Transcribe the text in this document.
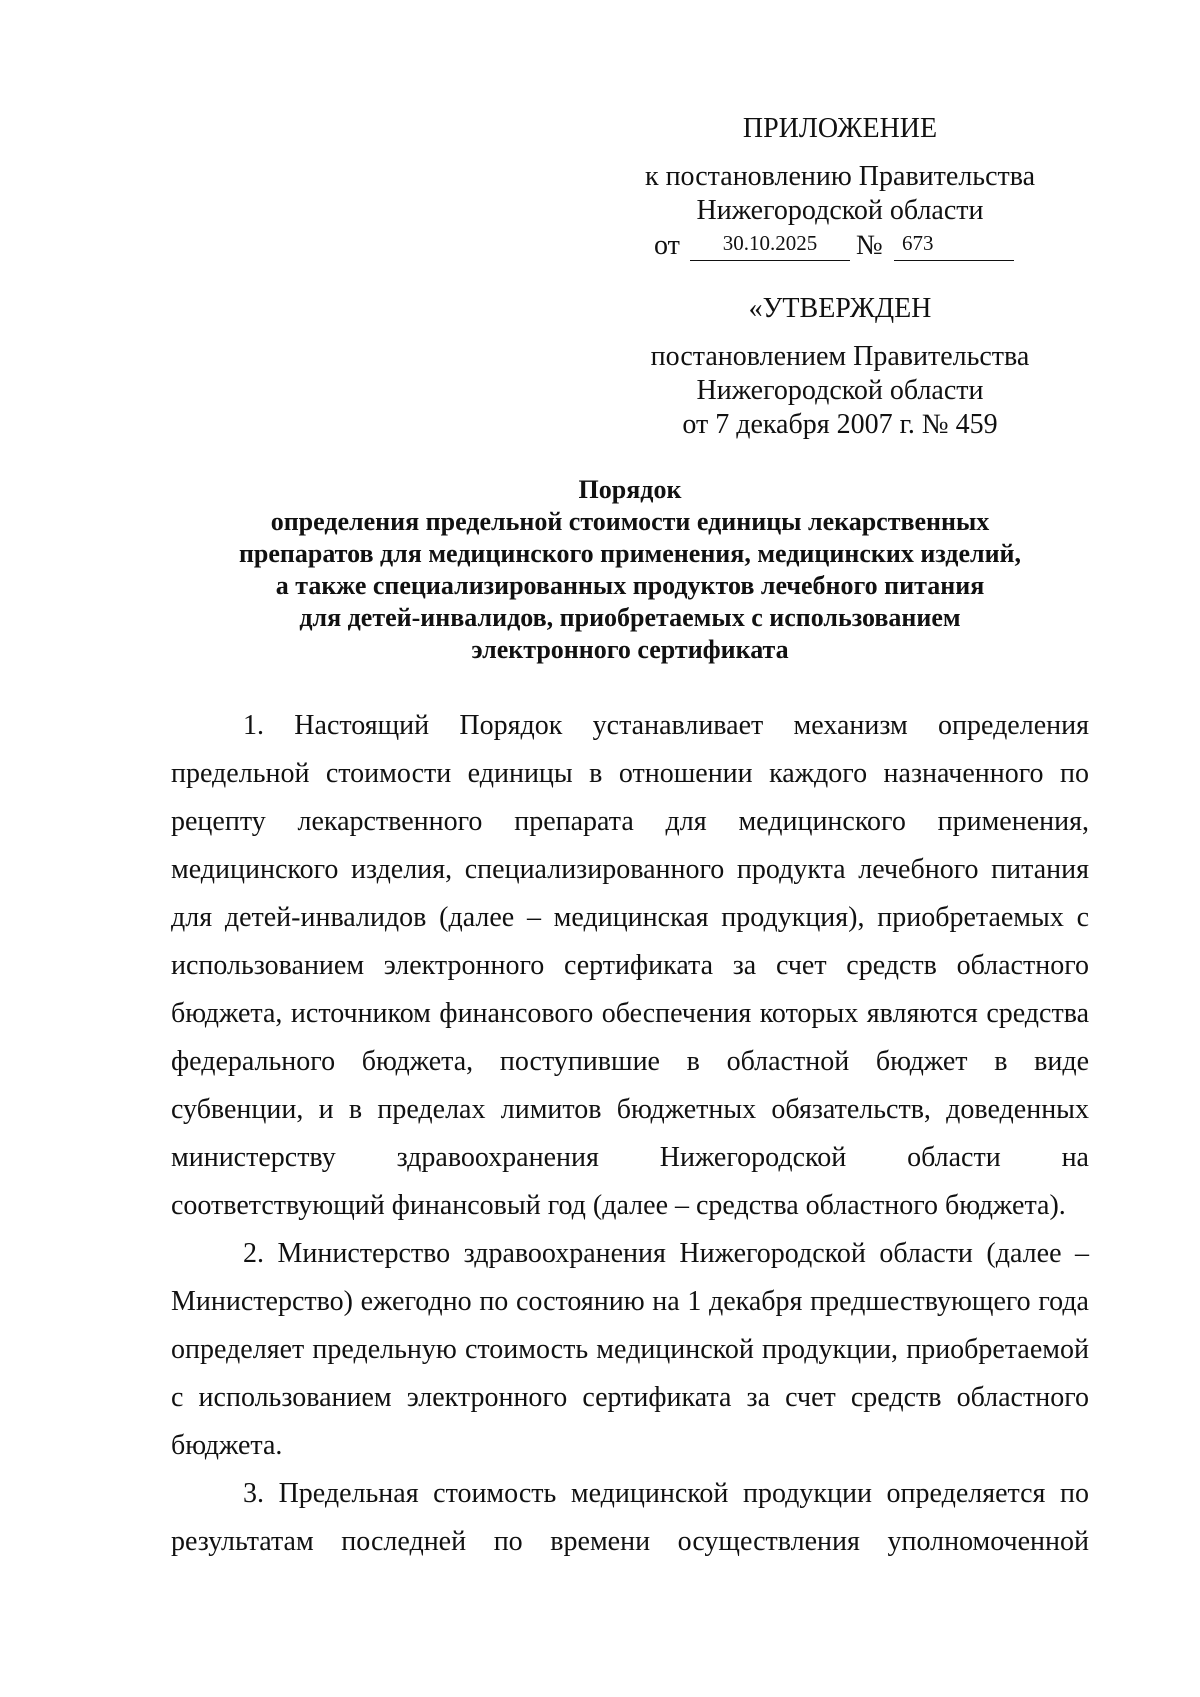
ПРИЛОЖЕНИЕ
к постановлению Правительства
Нижегородской области
от	30.10.2025	№ 673
«УТВЕРЖДЕН
постановлением Правительства
Нижегородской области
от 7 декабря 2007 г. № 459
Порядок
определения предельной стоимости единицы лекарственных
препаратов для медицинского применения, медицинских изделий,
а также специализированных продуктов лечебного питания
для детей-инвалидов, приобретаемых с использованием
электронного сертификата

1. Настоящий Порядок устанавливает механизм определения предельной стоимости единицы в отношении каждого назначенного по рецепту лекарственного препарата для медицинского применения, медицинского изделия, специализированного продукта лечебного питания для детей-инвалидов (далее – медицинская продукция), приобретаемых с использованием электронного сертификата за счет средств областного бюджета, источником финансового обеспечения которых являются средства федерального бюджета, поступившие в областной бюджет в виде субвенции, и в пределах лимитов бюджетных обязательств, доведенных министерству здравоохранения Нижегородской области на соответствующий финансовый год (далее – средства областного бюджета).

2. Министерство здравоохранения Нижегородской области (далее – Министерство) ежегодно по состоянию на 1 декабря предшествующего года определяет предельную стоимость медицинской продукции, приобретаемой с использованием электронного сертификата за счет средств областного бюджета.

3. Предельная стоимость медицинской продукции определяется по результатам последней по времени осуществления уполномоченной
